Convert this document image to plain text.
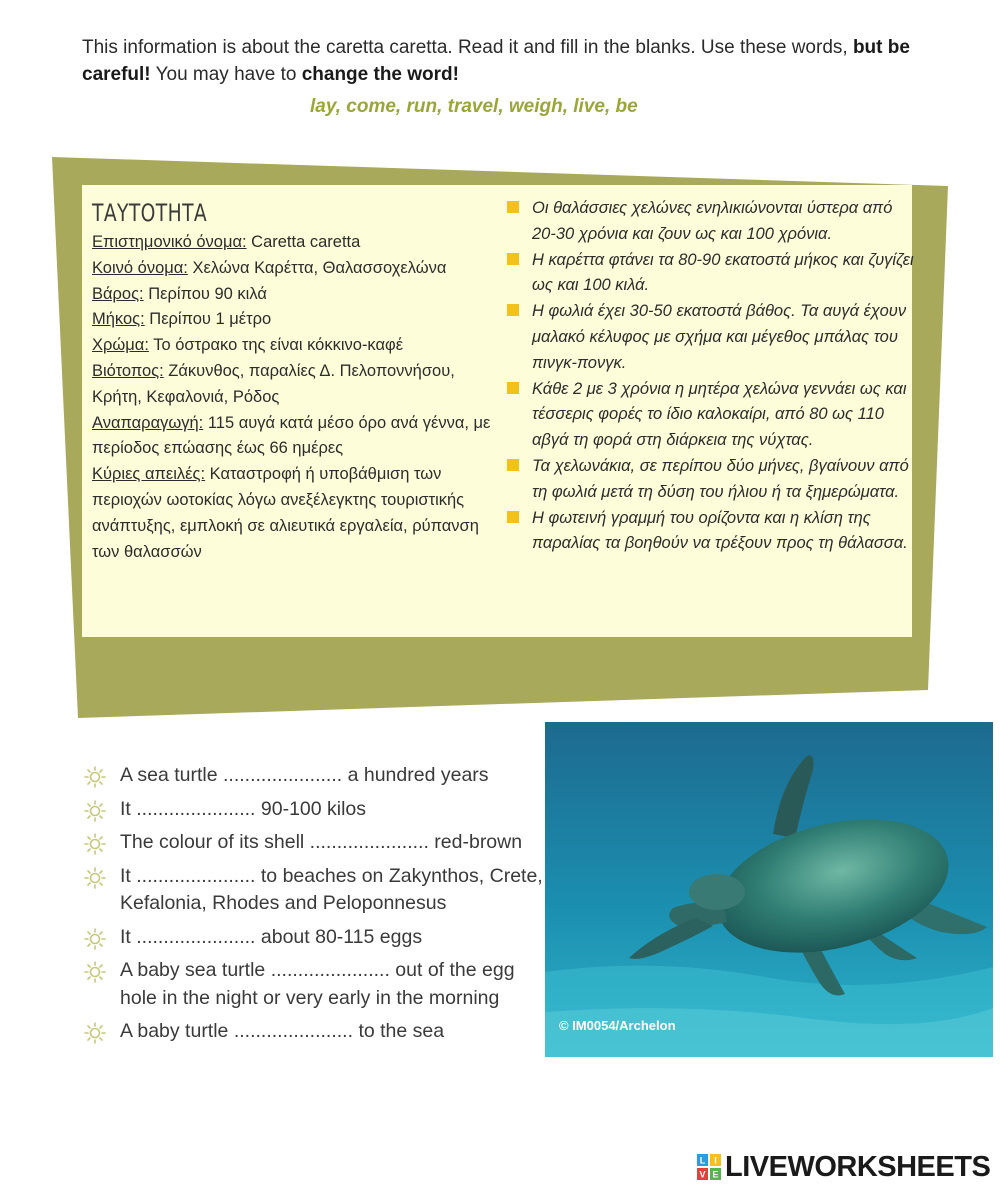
This information is about the caretta caretta. Read it and fill in the blanks. Use these words, but be careful! You may have to change the word!
lay, come, run, travel, weigh, live, be
ΤΑΥΤΟΤΗΤΑ
Επιστημονικό όνομα: Caretta caretta
Κοινό όνομα: Χελώνα Καρέττα, Θαλασσοχελώνα
Βάρος: Περίπου 90 κιλά
Μήκος: Περίπου 1 μέτρο
Χρώμα: Το όστρακο της είναι κόκκινο-καφέ
Βιότοπος: Ζάκυνθος, παραλίες Δ. Πελοποννήσου, Κρήτη, Κεφαλονιά, Ρόδος
Αναπαραγωγή: 115 αυγά κατά μέσο όρο ανά γέννα, με περίοδος επώασης έως 66 ημέρες
Κύριες απειλές: Καταστροφή ή υποβάθμιση των περιοχών ωοτοκίας λόγω ανεξέλεγκτης τουριστικής ανάπτυξης, εμπλοκή σε αλιευτικά εργαλεία, ρύπανση των θαλασσών
Οι θαλάσσιες χελώνες ενηλικιώνονται ύστερα από 20-30 χρόνια και ζουν ως και 100 χρόνια.
Η καρέττα φτάνει τα 80-90 εκατοστά μήκος και ζυγίζει ως και 100 κιλά.
Η φωλιά έχει 30-50 εκατοστά βάθος. Τα αυγά έχουν μαλακό κέλυφος με σχήμα και μέγεθος μπάλας του πινγκ-πονγκ.
Κάθε 2 με 3 χρόνια η μητέρα χελώνα γεννάει ως και τέσσερις φορές το ίδιο καλοκαίρι, από 80 ως 110 αβγά τη φορά στη διάρκεια της νύχτας.
Τα χελωνάκια, σε περίπου δύο μήνες, βγαίνουν από τη φωλιά μετά τη δύση του ήλιου ή τα ξημερώματα.
Η φωτεινή γραμμή του ορίζοντα και η κλίση της παραλίας τα βοηθούν να τρέξουν προς τη θάλασσα.
A sea turtle ...................... a hundred years
It ...................... 90-100 kilos
The colour of its shell ...................... red-brown
It ...................... to beaches on Zakynthos, Crete, Kefalonia, Rhodes and Peloponnesus
It ...................... about 80-115 eggs
A baby sea turtle ...................... out of the egg hole in the night or very early in the morning
A baby turtle ...................... to the sea	© IM0054/Archelon
L I
V E LIVEWORKSHEETS
